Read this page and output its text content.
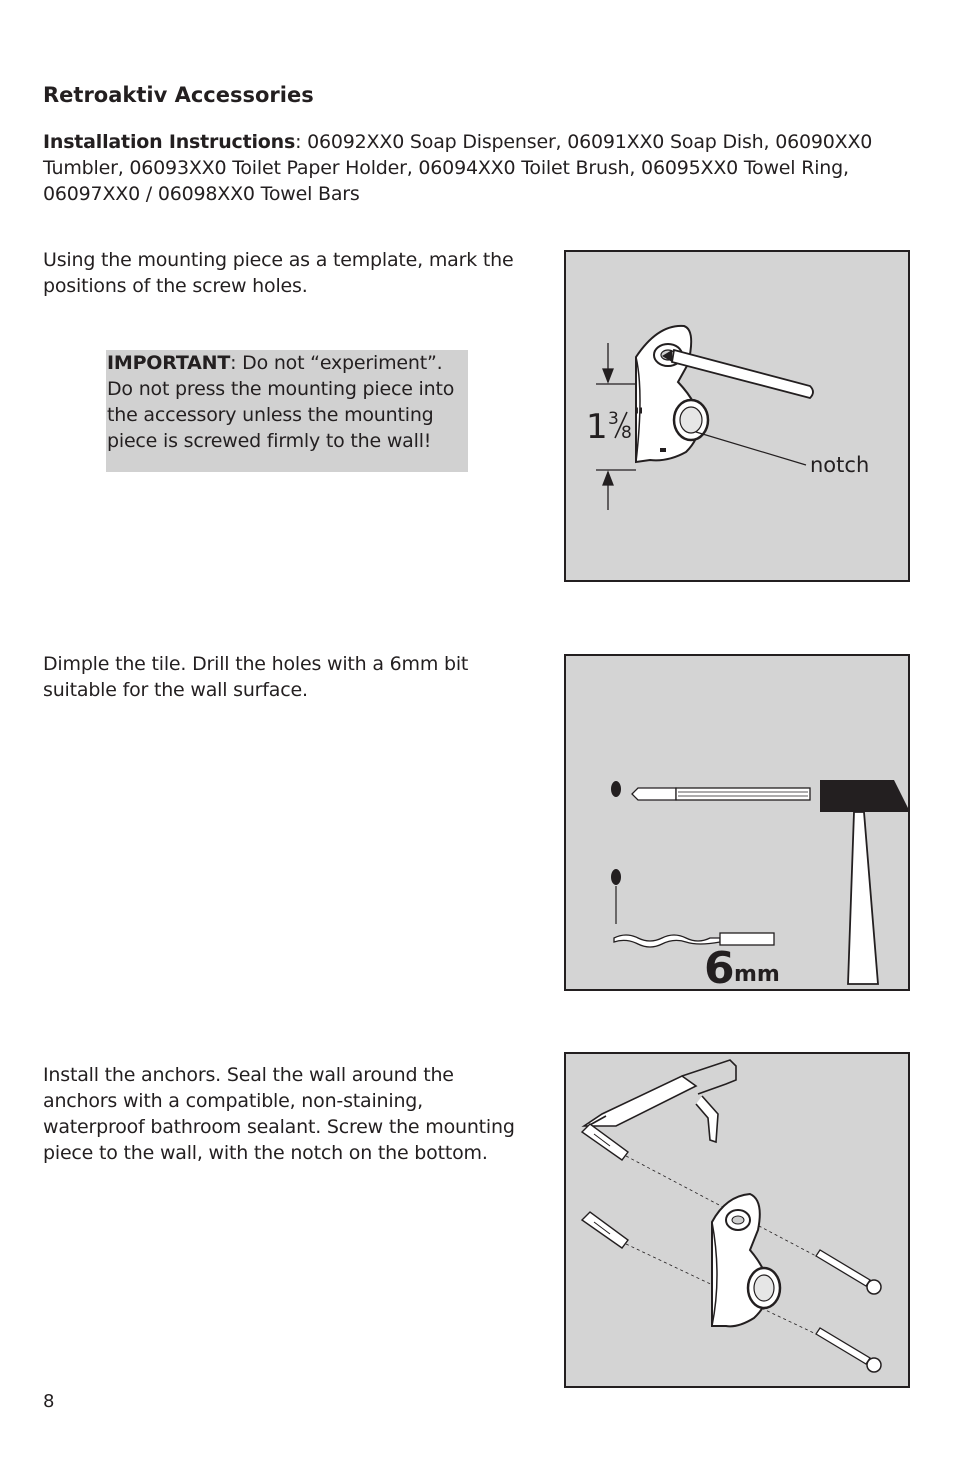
Retroaktiv Accessories
Installation Instructions: 06092XX0 Soap Dispenser, 06091XX0 Soap Dish, 06090XX0 Tumbler, 06093XX0 Toilet Paper Holder, 06094XX0 Toilet Brush, 06095XX0 Towel Ring, 06097XX0 / 06098XX0 Towel Bars
Using the mounting piece as a template, mark the positions of the screw holes.
IMPORTANT: Do not “experiment”. Do not press the mounting piece into the accessory unless the mounting piece is screwed firmly to the wall!	1 3
8
"
notch
Dimple the tile. Drill the holes with a 6mm bit suitable for the wall surface.
6 mm
Install the anchors. Seal the wall around the anchors with a compatible, non-staining, waterproof bathroom sealant. Screw the mounting piece to the wall, with the notch on the bottom.
8
